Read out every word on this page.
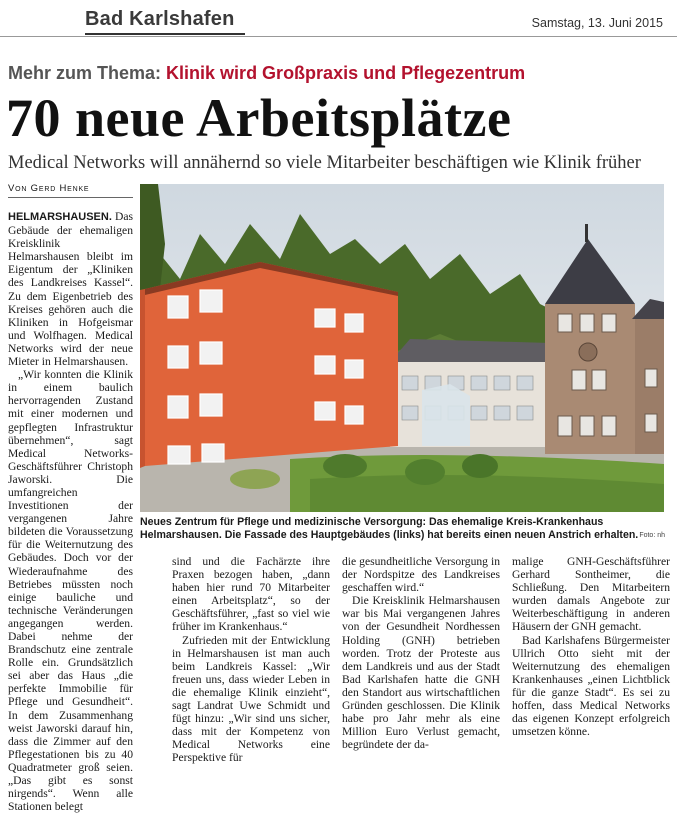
Bad Karlshafen	Samstag, 13. Juni 2015
Mehr zum Thema: Klinik wird Großpraxis und Pflegezentrum
70 neue Arbeitsplätze
Medical Networks will annähernd so viele Mitarbeiter beschäftigen wie Klinik früher
Von Gerd Henke

HELMARSHAUSEN. Das Gebäude der ehemaligen Kreisklinik Helmarshausen bleibt im Eigentum der „Kliniken des Landkreises Kassel“. Zu dem Eigenbetrieb des Kreises gehören auch die Kliniken in Hofgeismar und Wolfhagen. Medical Networks wird der neue Mieter in Helmarshausen.

„Wir konnten die Klinik in einem baulich hervorragenden Zustand mit einer modernen und gepflegten Infrastruktur übernehmen“, sagt Medical Networks-Geschäftsführer Christoph Jaworski. Die umfangreichen Investitionen der vergangenen Jahre bildeten die Voraussetzung für die Weiternutzung des Gebäudes. Doch vor der Wiederaufnahme des Betriebes müssten noch einige bauliche und technische Veränderungen angegangen werden. Dabei nehme der Brandschutz eine zentrale Rolle ein. Grundsätzlich sei aber das Haus „die perfekte Immobilie für Pflege und Gesundheit“. In dem Zusammenhang weist Jaworski darauf hin, dass die Zimmer auf den Pflegestationen bis zu 40 Quadratmeter groß seien. „Das gibt es sonst nirgends“. Wenn alle Stationen belegt

Neues Zentrum für Pflege und medizinische Versorgung: Das ehemalige Kreis-Krankenhaus Helmarshausen. Die Fassade des Hauptgebäudes (links) hat bereits einen neuen Anstrich erhalten. Foto: nh

sind und die Fachärzte ihre Praxen bezogen haben, „dann haben hier rund 70 Mitarbeiter einen Arbeitsplatz“, so der Geschäftsführer, „fast so viel wie früher im Krankenhaus.“

Zufrieden mit der Entwicklung in Helmarshausen ist man auch beim Landkreis Kassel: „Wir freuen uns, dass wieder Leben in die ehemalige Klinik einzieht“, sagt Landrat Uwe Schmidt und fügt hinzu: „Wir sind uns sicher, dass mit der Kompetenz von Medical Networks eine Perspektive für

die gesundheitliche Versorgung in der Nordspitze des Landkreises geschaffen wird.“

Die Kreisklinik Helmarshausen war bis Mai vergangenen Jahres von der Gesundheit Nordhessen Holding (GNH) betrieben worden. Trotz der Proteste aus dem Landkreis und aus der Stadt Bad Karlshafen hatte die GNH den Standort aus wirtschaftlichen Gründen geschlossen. Die Klinik habe pro Jahr mehr als eine Million Euro Verlust gemacht, begründete der da-

malige GNH-Geschäftsführer Gerhard Sontheimer, die Schließung. Den Mitarbeitern wurden damals Angebote zur Weiterbeschäftigung in anderen Häusern der GNH gemacht.

Bad Karlshafens Bürgermeister Ullrich Otto sieht mit der Weiternutzung des ehemaligen Krankenhauses „einen Lichtblick für die ganze Stadt“. Es sei zu hoffen, dass Medical Networks das eigenen Konzept erfolgreich umsetzen könne.
